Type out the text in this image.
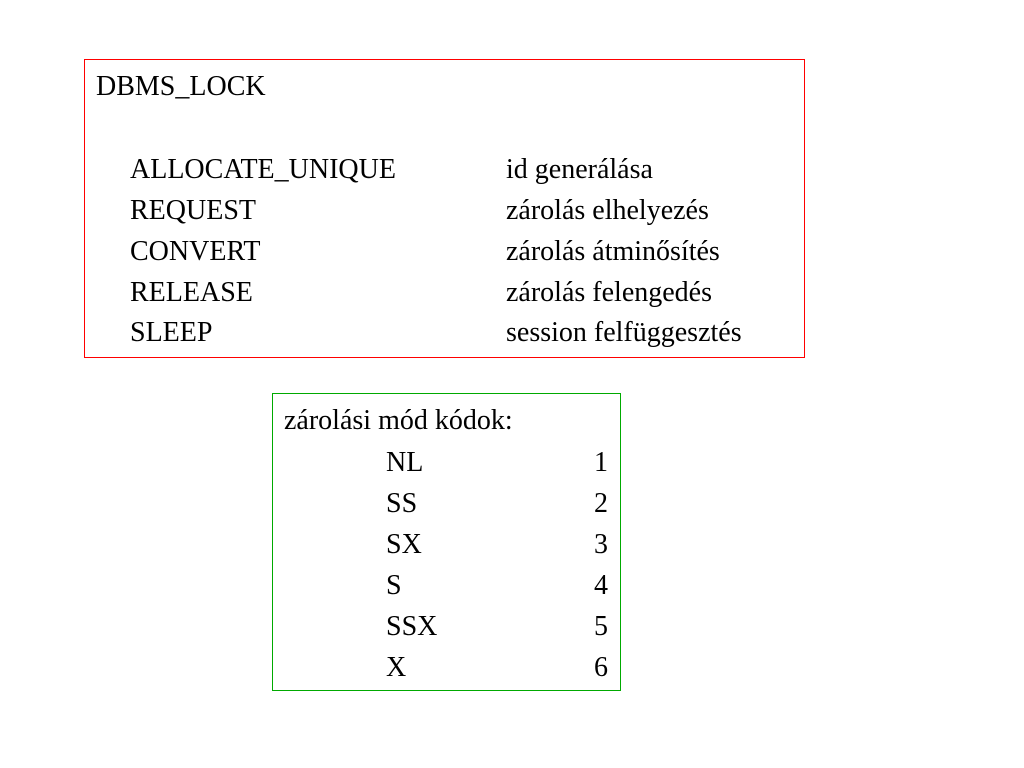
DBMS_LOCK
ALLOCATE_UNIQUE	id generálása
REQUEST	zárolás elhelyezés
CONVERT	zárolás átminősítés
RELEASE	zárolás felengedés
SLEEP	session felfüggesztés
zárolási mód kódok:
NL	1
SS	2
SX	3
S	4
SSX	5
X	6
